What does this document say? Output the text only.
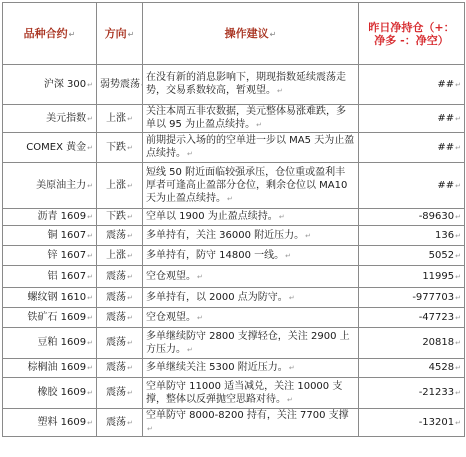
品种合约 ↵	方向 ↵	操作建议 ↵	昨日净持仓（+：
净多 -：净空）
沪深 300 ↵	弱势震荡 ↵	在没有新的消息影响下，期现指数延续震荡走势，交易系数较高，暂观望。 ↵	## ↵
美元指数 ↵	上涨 ↵	关注本周五非农数据，美元整体易涨难跌，多单以 95 为止盈点续持。 ↵	## ↵
COMEX 黄金 ↵	下跌 ↵	前期提示入场的的空单进一步以 MA5 天为止盈点续持。 ↵	## ↵
美原油主力 ↵	上涨 ↵	短线 50 附近面临较强承压，仓位重或盈利丰厚者可逢高止盈部分仓位，剩余仓位以 MA10 天为止盈点续持。 ↵	## ↵
沥青 1609 ↵	下跌 ↵	空单以 1900 为止盈点续持。 ↵	-89630 ↵
铜 1607 ↵	震荡 ↵	多单持有，关注 36000 附近压力。 ↵	136 ↵
锌 1607 ↵	上涨 ↵	多单持有，防守 14800 一线。 ↵	5052 ↵
铝 1607 ↵	震荡 ↵	空仓观望。 ↵	11995 ↵
螺纹钢 1610 ↵	震荡 ↵	多单持有，以 2000 点为防守。 ↵	-977703 ↵
铁矿石 1609 ↵	震荡 ↵	空仓观望。 ↵	-47723 ↵
豆粕 1609 ↵	震荡 ↵	多单继续防守 2800 支撑轻仓，关注 2900 上方压力。 ↵	20818 ↵
棕榈油 1609 ↵	震荡 ↵	多单继续关注 5300 附近压力。 ↵	4528 ↵
橡胶 1609 ↵	震荡 ↵	空单防守 11000 适当减兑，关注 10000 支撑，整体以反弹抛空思路对待。 ↵	-21233 ↵
塑料 1609 ↵	震荡 ↵	空单防守 8000-8200 持有，关注 7700 支撑 ↵	-13201 ↵
